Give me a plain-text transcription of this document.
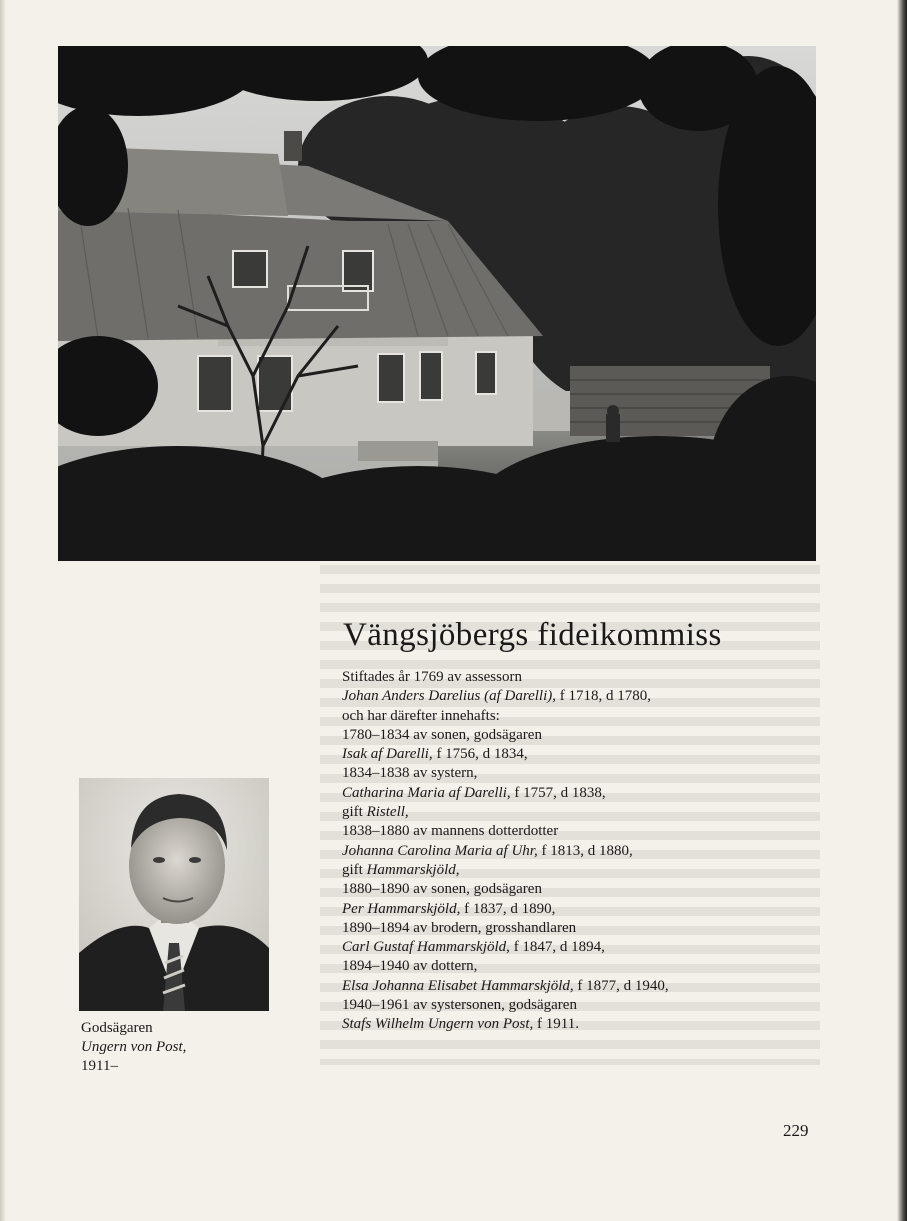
Godsägaren
Ungern von Post,
1911–
Vängsjöbergs fideikommiss
Stiftades år 1769 av assessorn
Johan Anders Darelius (af Darelli), f 1718, d 1780,
och har därefter innehafts:
1780–1834 av sonen, godsägaren
Isak af Darelli, f 1756, d 1834,
1834–1838 av systern,
Catharina Maria af Darelli, f 1757, d 1838,
gift Ristell,
1838–1880 av mannens dotterdotter
Johanna Carolina Maria af Uhr, f 1813, d 1880,
gift Hammarskjöld,
1880–1890 av sonen, godsägaren
Per Hammarskjöld, f 1837, d 1890,
1890–1894 av brodern, grosshandlaren
Carl Gustaf Hammarskjöld, f 1847, d 1894,
1894–1940 av dottern,
Elsa Johanna Elisabet Hammarskjöld, f 1877, d 1940,
1940–1961 av systersonen, godsägaren
Stafs Wilhelm Ungern von Post, f 1911.
229
